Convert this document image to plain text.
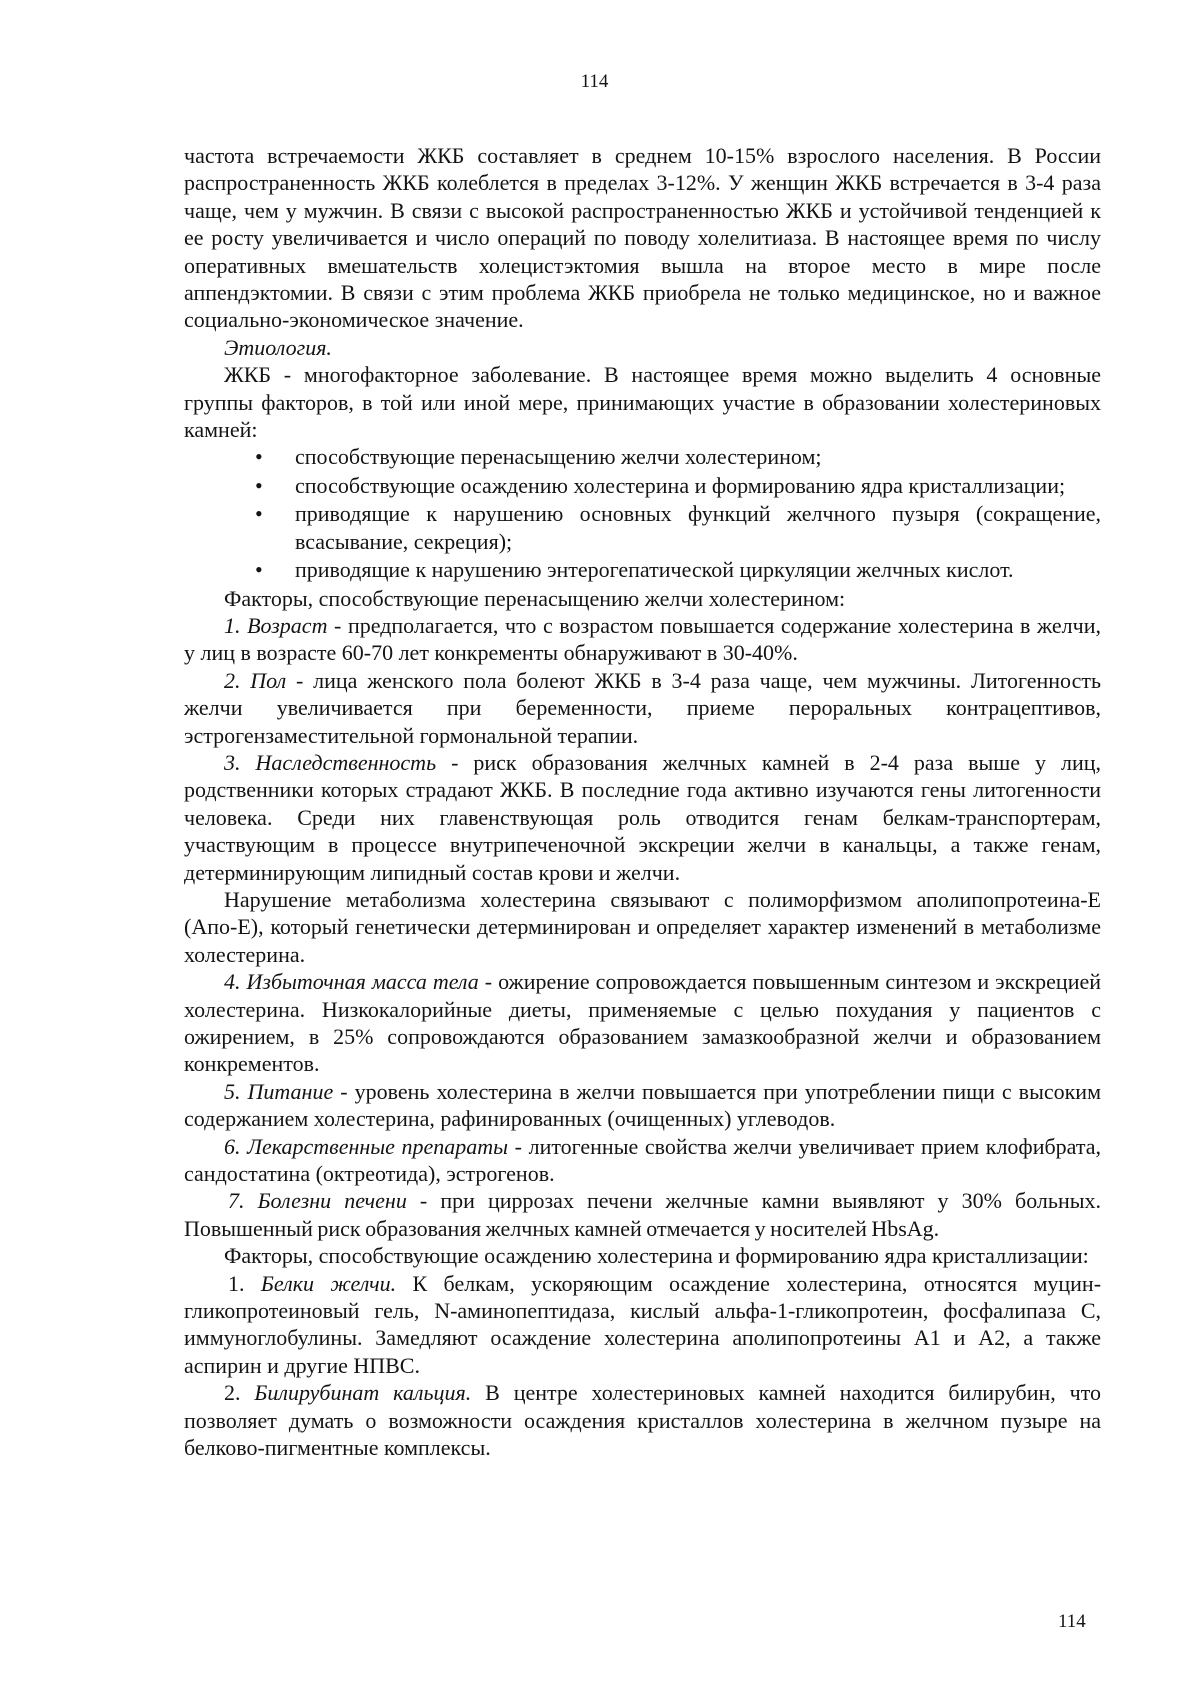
114

частота встречаемости ЖКБ составляет в среднем 10-15% взрослого населения. В России распространенность ЖКБ колеблется в пределах 3-12%. У женщин ЖКБ встречается в 3-4 раза чаще, чем у мужчин. В связи с высокой распространенностью ЖКБ и устойчивой тенденцией к ее росту увеличивается и число операций по поводу холелитиаза. В настоящее время по числу оперативных вмешательств холецистэктомия вышла на второе место в мире после аппендэктомии. В связи с этим проблема ЖКБ приобрела не только медицинское, но и важное социально-экономическое значение.

Этиология.

ЖКБ - многофакторное заболевание. В настоящее время можно выделить 4 основные группы факторов, в той или иной мере, принимающих участие в образовании холестериновых камней:

• способствующие перенасыщению желчи холестерином;
• способствующие осаждению холестерина и формированию ядра кристаллизации;
• приводящие к нарушению основных функций желчного пузыря (сокращение, всасывание, секреция);
• приводящие к нарушению энтерогепатической циркуляции желчных кислот.

Факторы, способствующие перенасыщению желчи холестерином:

1. Возраст - предполагается, что с возрастом повышается содержание холестерина в желчи, у лиц в возрасте 60-70 лет конкременты обнаруживают в 30-40%.

2. Пол - лица женского пола болеют ЖКБ в 3-4 раза чаще, чем мужчины. Литогенность желчи увеличивается при беременности, приеме пероральных контрацептивов, эстрогензаместительной гормональной терапии.

3. Наследственность - риск образования желчных камней в 2-4 раза выше у лиц, родственники которых страдают ЖКБ. В последние года активно изучаются гены литогенности человека. Среди них главенствующая роль отводится генам белкам-транспортерам, участвующим в процессе внутрипеченочной экскреции желчи в канальцы, а также генам, детерминирующим липидный состав крови и желчи.

Нарушение метаболизма холестерина связывают с полиморфизмом аполипопротеина-Е (Апо-Е), который генетически детерминирован и определяет характер изменений в метаболизме холестерина.

4. Избыточная масса тела - ожирение сопровождается повышенным синтезом и экскрецией холестерина. Низкокалорийные диеты, применяемые с целью похудания у пациентов с ожирением, в 25% сопровождаются образованием замазкообразной желчи и образованием конкрементов.

5. Питание - уровень холестерина в желчи повышается при употреблении пищи с высоким содержанием холестерина, рафинированных (очищенных) углеводов.

6. Лекарственные препараты - литогенные свойства желчи увеличивает прием клофибрата, сандостатина (октреотида), эстрогенов.

7. Болезни печени - при циррозах печени желчные камни выявляют у 30% больных. Повышенный риск образования желчных камней отмечается у носителей HbsAg.

Факторы, способствующие осаждению холестерина и формированию ядра кристаллизации:

1. Белки желчи. К белкам, ускоряющим осаждение холестерина, относятся муцин-гликопротеиновый гель, N-аминопептидаза, кислый альфа-1-гликопротеин, фосфалипаза С, иммуноглобулины. Замедляют осаждение холестерина аполипопротеины А1 и А2, а также аспирин и другие НПВС.

2. Билирубинат кальция. В центре холестериновых камней находится билирубин, что позволяет думать о возможности осаждения кристаллов холестерина в желчном пузыре на белково-пигментные комплексы.

114
